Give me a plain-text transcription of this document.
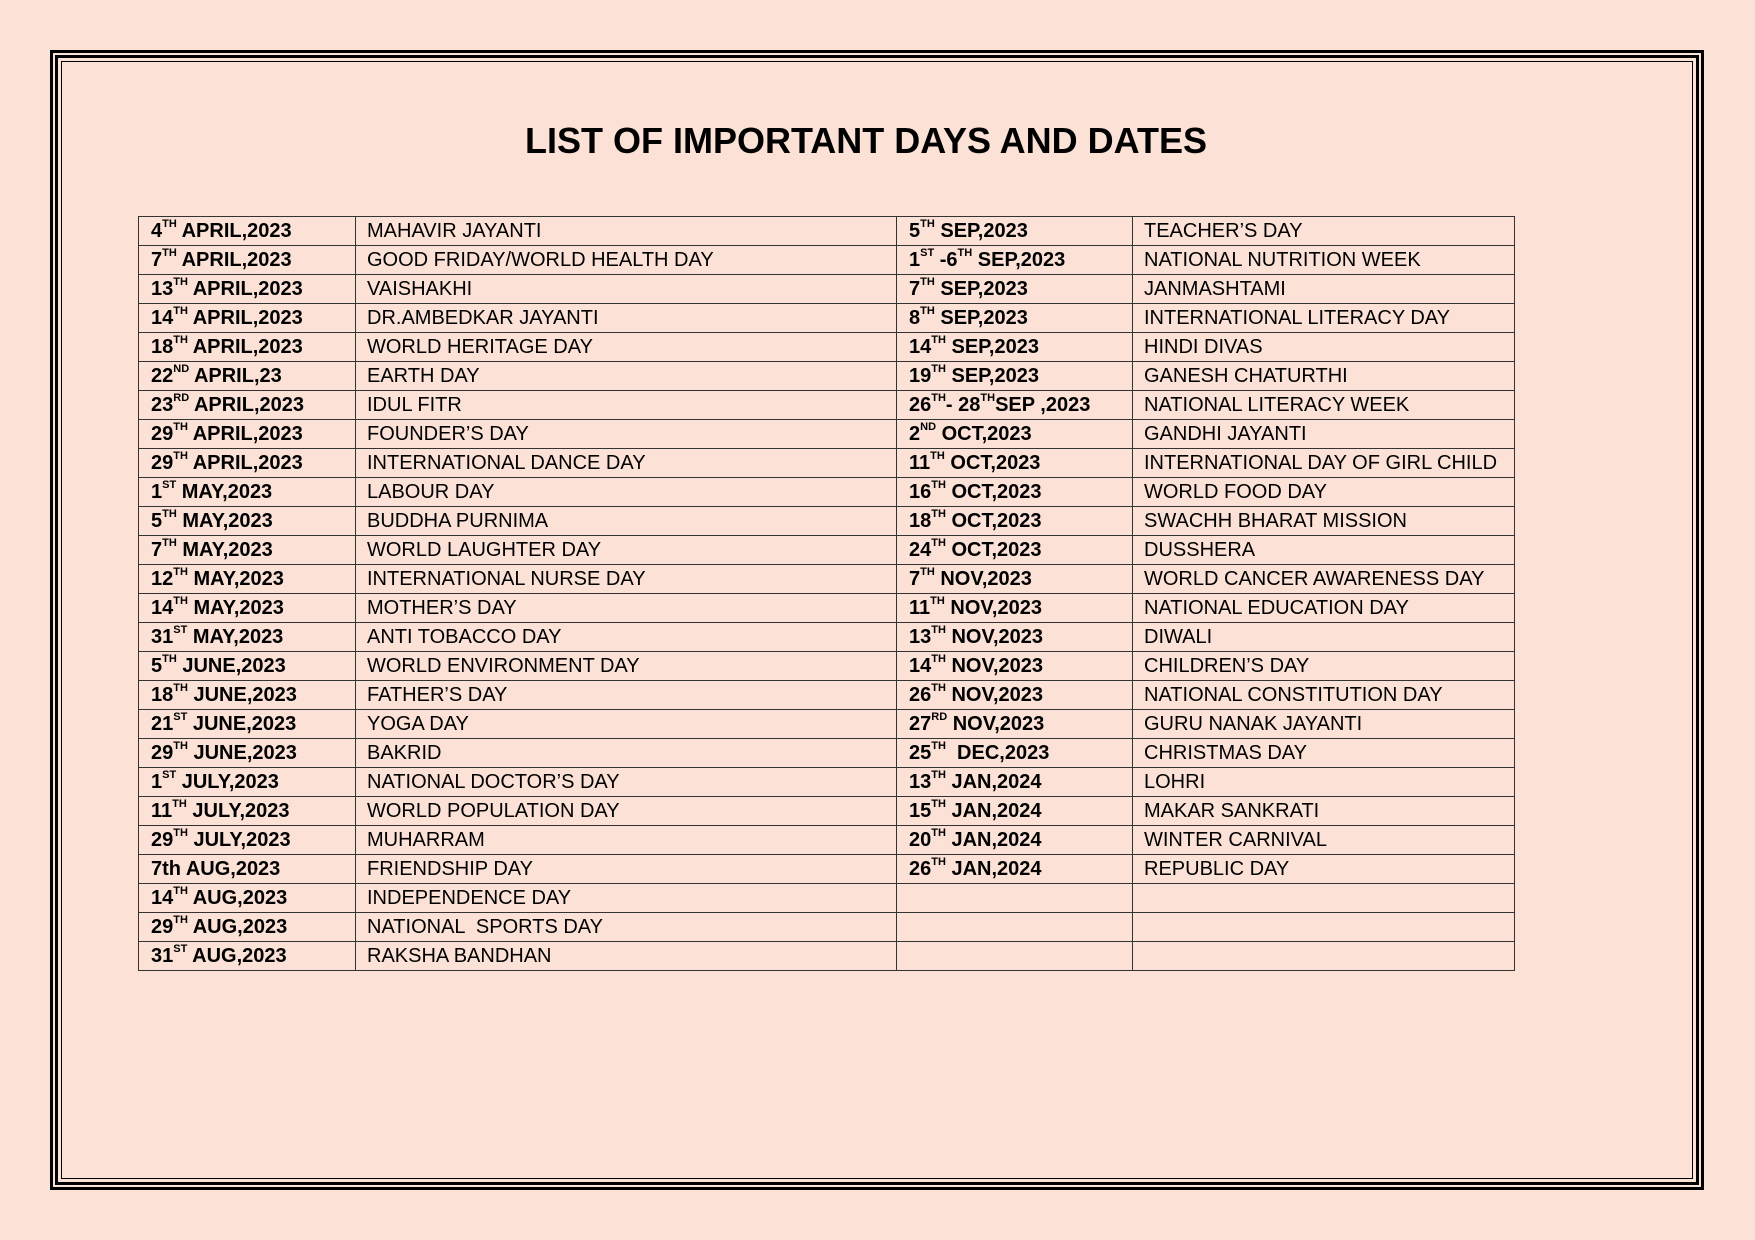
LIST OF IMPORTANT DAYS AND DATES
4TH APRIL,2023	MAHAVIR JAYANTI	5TH SEP,2023	TEACHER’S DAY
7TH APRIL,2023	GOOD FRIDAY/WORLD HEALTH DAY	1ST -6TH SEP,2023	NATIONAL NUTRITION WEEK
13TH APRIL,2023	VAISHAKHI	7TH SEP,2023	JANMASHTAMI
14TH APRIL,2023	DR.AMBEDKAR JAYANTI	8TH SEP,2023	INTERNATIONAL LITERACY DAY
18TH APRIL,2023	WORLD HERITAGE DAY	14TH SEP,2023	HINDI DIVAS
22ND APRIL,23	EARTH DAY	19TH SEP,2023	GANESH CHATURTHI
23RD APRIL,2023	IDUL FITR	26TH- 28THSEP ,2023	NATIONAL LITERACY WEEK
29TH APRIL,2023	FOUNDER’S DAY	2ND OCT,2023	GANDHI JAYANTI
29TH APRIL,2023	INTERNATIONAL DANCE DAY	11TH OCT,2023	INTERNATIONAL DAY OF GIRL CHILD
1ST MAY,2023	LABOUR DAY	16TH OCT,2023	WORLD FOOD DAY
5TH MAY,2023	BUDDHA PURNIMA	18TH OCT,2023	SWACHH BHARAT MISSION
7TH MAY,2023	WORLD LAUGHTER DAY	24TH OCT,2023	DUSSHERA
12TH MAY,2023	INTERNATIONAL NURSE DAY	7TH NOV,2023	WORLD CANCER AWARENESS DAY
14TH MAY,2023	MOTHER’S DAY	11TH NOV,2023	NATIONAL EDUCATION DAY
31ST MAY,2023	ANTI TOBACCO DAY	13TH NOV,2023	DIWALI
5TH JUNE,2023	WORLD ENVIRONMENT DAY	14TH NOV,2023	CHILDREN’S DAY
18TH JUNE,2023	FATHER’S DAY	26TH NOV,2023	NATIONAL CONSTITUTION DAY
21ST JUNE,2023	YOGA DAY	27RD NOV,2023	GURU NANAK JAYANTI
29TH JUNE,2023	BAKRID	25TH  DEC,2023	CHRISTMAS DAY
1ST JULY,2023	NATIONAL DOCTOR’S DAY	13TH JAN,2024	LOHRI
11TH JULY,2023	WORLD POPULATION DAY	15TH JAN,2024	MAKAR SANKRATI
29TH JULY,2023	MUHARRAM	20TH JAN,2024	WINTER CARNIVAL
7th AUG,2023	FRIENDSHIP DAY	26TH JAN,2024	REPUBLIC DAY
14TH AUG,2023	INDEPENDENCE DAY		
29TH AUG,2023	NATIONAL  SPORTS DAY		
31ST AUG,2023	RAKSHA BANDHAN		
